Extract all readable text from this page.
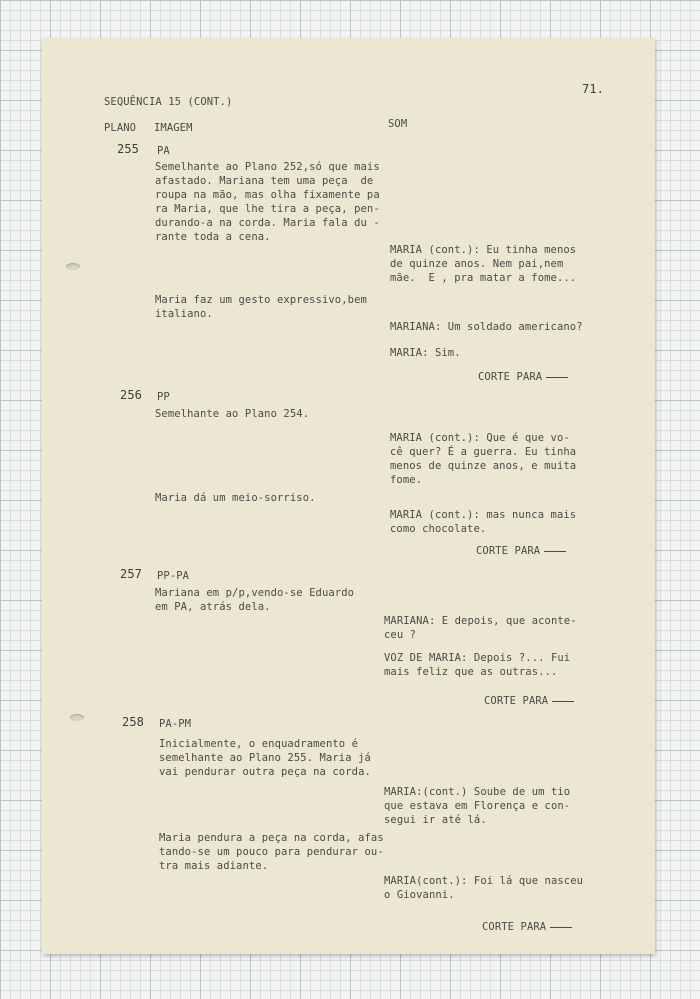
71.

SEQUÊNCIA 15 (CONT.)

PLANO IMAGEM	SOM

255 PA

Semelhante ao Plano 252,só que mais
afastado. Mariana tem uma peça  de
roupa na mão, mas olha fixamente pa
ra Maria, que lhe tira a peça, pen-
durando-a na corda. Maria fala du -
rante toda a cena.

MARIA (cont.): Eu tinha menos
de quinze anos. Nem pai,nem
mãe.  E , pra matar a fome...

Maria faz um gesto expressivo,bem
italiano.

MARIANA: Um soldado americano?

MARIA: Sim.

CORTE PARA

256 PP

Semelhante ao Plano 254.

MARIA (cont.): Que é que vo-
cê quer? É a guerra. Eu tinha
menos de quinze anos, e muita
fome.

Maria dá um meio-sorriso.

MARIA (cont.): mas nunca mais
como chocolate.

CORTE PARA

257 PP-PA

Mariana em p/p,vendo-se Eduardo
em PA, atrás dela.

MARIANA: E depois, que aconte-
ceu ?

VOZ DE MARIA: Depois ?... Fui
mais feliz que as outras...

CORTE PARA

258 PA-PM

Inicialmente, o enquadramento é
semelhante ao Plano 255. Maria já
vai pendurar outra peça na corda.

MARIA:(cont.) Soube de um tio
que estava em Florença e con-
segui ir até lá.

Maria pendura a peça na corda, afas
tando-se um pouco para pendurar ou-
tra mais adiante.

MARIA(cont.): Foi lá que nasceu
o Giovanni.

CORTE PARA
